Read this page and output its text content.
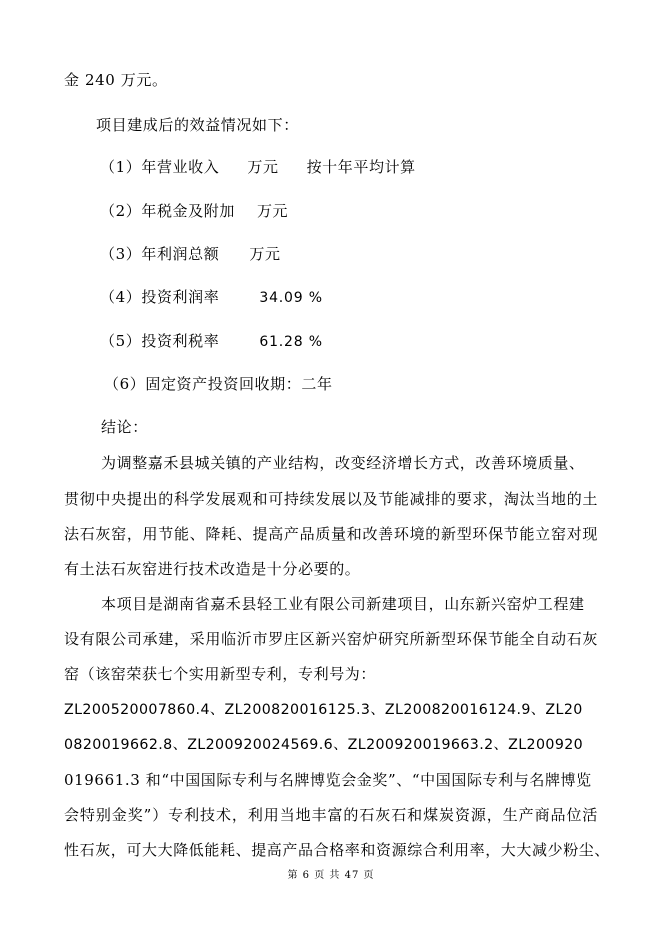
金 240 万元。
项目建成后的效益情况如下：
（1）年营业收入 万元 按十年平均计算
（2）年税金及附加 万元
（3）年利润总额 万元
（4）投资利润率	34.09 %
（5）投资利税率	61.28 %
（6）固定资产投资回收期：二年
结论：
为调整嘉禾县城关镇的产业结构，改变经济增长方式，改善环境质量、
贯彻中央提出的科学发展观和可持续发展以及节能减排的要求，淘汰当地的土
法石灰窑，用节能、降耗、提高产品质量和改善环境的新型环保节能立窑对现
有土法石灰窑进行技术改造是十分必要的。
本项目是湖南省嘉禾县轻工业有限公司新建项目，山东新兴窑炉工程建
设有限公司承建，采用临沂市罗庄区新兴窑炉研究所新型环保节能全自动石灰
窑（该窑荣获七个实用新型专利，专利号为：
ZL200520007860.4、ZL200820016125.3、ZL200820016124.9、ZL20
0820019662.8、ZL200920024569.6、ZL200920019663.2、ZL200920
019661.3 和“中国国际专利与名牌博览会金奖”、“中国国际专利与名牌博览
会特别金奖”）专利技术，利用当地丰富的石灰石和煤炭资源，生产商品位活
性石灰，可大大降低能耗、提高产品合格率和资源综合利用率，大大减少粉尘、
第 6 页 共 47 页
